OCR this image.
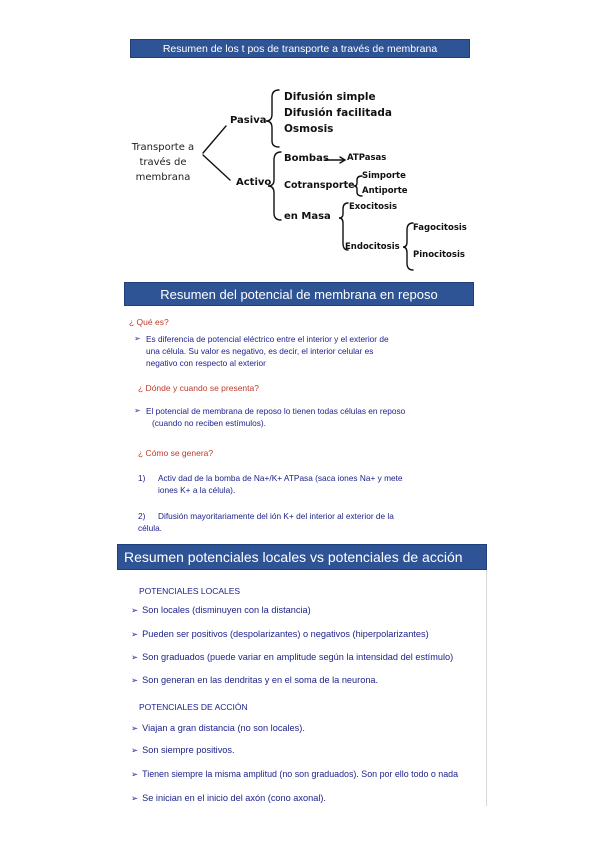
Resumen de los t pos de transporte a través de membrana
Transporte a
través de
membrana
Pasiva
Difusión simple
Difusión facilitada
Osmosis
Activo
Bombas ATPasas
Cotransporte
Simporte
Antiporte
en Masa
Exocitosis
Endocitosis
Fagocitosis
Pinocitosis
Resumen del potencial de membrana en reposo
¿ Qué es?
➢ Es diferencia de potencial eléctrico entre el interior y el exterior de
una célula. Su valor es negativo, es decir, el interior celular es
negativo con respecto al exterior
¿ Dónde y cuando se presenta?
➢ El potencial de membrana de reposo lo tienen todas células en reposo
(cuando no reciben estímulos).
¿ Cómo se genera?
1) Activ dad de la bomba de Na+/K+ ATPasa (saca iones Na+ y mete
iones K+ a la célula).
2)	Difusión mayoritariamente del ión K+ del interior al exterior de la
célula.
Resumen potenciales locales vs potenciales de acción
POTENCIALES LOCALES
➢ Son locales (disminuyen con la distancia)
➢ Pueden ser positivos (despolarizantes) o negativos (hiperpolarizantes)
➢ Son graduados (puede variar en amplitude según la intensidad del estímulo)
➢ Son generan en las dendritas y en el soma de la neurona.
POTENCIALES DE ACCIÓN
➢ Viajan a gran distancia (no son locales).
➢ Son siempre positivos.
➢ Tienen siempre la misma amplitud (no son graduados). Son por ello todo o nada
➢ Se inician en el inicio del axón (cono axonal).
